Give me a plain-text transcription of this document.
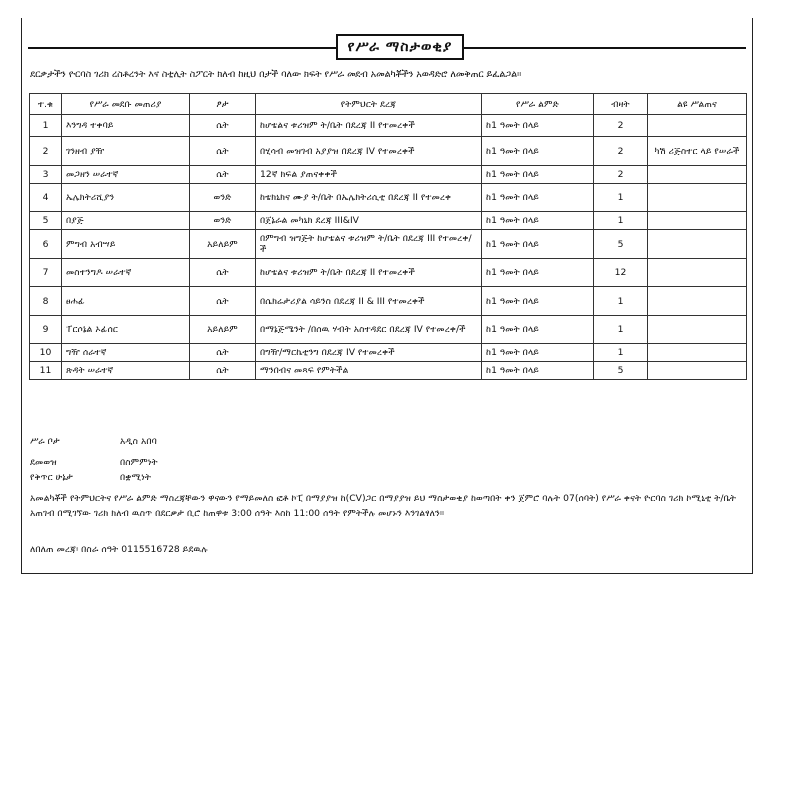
የሥራ ማስታወቂያ
ደርቃታችን ዮርባስ ገሪክ ረስቶረንት እና ስቲሊት ስፖርት ክለብ ከዚህ በታች ባለው ክፍት የሥራ መደብ አመልካቾችን አወዳድሮ ለመቅጠር ይፈልጋል።
ተ.ቁ	የሥራ መደቡ መጠሪያ	ፆታ	የትምህርት ደረጃ	የሥራ ልምድ	ብዛት	ልዩ ሥልጠና
1	እንግዳ ተቀባይ	ሴት	ከሆቴልና ቱሪዝም ት/ቤት በደረጃ II የተመረቀች	ከ1 ዓመት በላይ	2	
2	ገንዘብ ያዥ	ሴት	በሂሳብ መዝገብ አያያዝ በደረጃ IV የተመረቀች	ከ1 ዓመት በላይ	2	ካሽ ሪጅስተር ላይ የሠራች
3	መጋዘን ሠራተኛ	ሴት	12ኛ ክፍል ያጠናቀቀች	ከ1 ዓመት በላይ	2	
4	ኤሌክትሪሺያን	ወንድ	ከቴክኒክና ሙያ ት/ቤት በኤሌክትሪሲቲ በደረጃ II የተመረቀ	ከ1 ዓመት በላይ	1	
5	በያጅ	ወንድ	በጀኔራል መካኒክ ደረጃ III&IV	ከ1 ዓመት በላይ	1	
6	ምግብ አብሣይ	አይለይም	በምግብ ዝግጅት ከሆቴልና ቱሪዝም ት/ቤት በደረጃ III የተመረቀ/ች	ከ1 ዓመት በላይ	5	
7	መስተንግዶ ሠራተኛ	ሴት	ከሆቴልና ቱሪዝም ት/ቤት በደረጃ II የተመረቀች	ከ1 ዓመት በላይ	12	
8	ፀሐፊ	ሴት	በሴክሬታሪያል ሳይንስ በደረጃ II & III የተመረቀች	ከ1 ዓመት በላይ	1	
9	ፐርሶኔል ኦፊሰር	አይለይም	በማኔጅሜንት /በሰዉ ሃብት አስተዳደር በደረጃ IV የተመረቀ/ች	ከ1 ዓመት በላይ	1	
10	ግዥ ሰራተኛ	ሴት	በግዥ/ማርኬቲንግ በደረጃ IV የተመረቀች	ከ1 ዓመት በላይ	1	
11	ጽዳት ሠራተኛ	ሴት	ማንበብና መጻፍ የምትችል	ከ1 ዓመት በላይ	5	
ሥራ ቦታ	አዲስ አበባ
ደመወዝ	በስምምነት
የቅጥር ሁኔታ	በቋሚነት
አመልካቾች የትምህርትና የሥራ ልምድ ማስረጃቸውን ዋናውን የማይመለስ ፎቶ ኮፒ በማያያዝ ከ(CV)ጋር በማያያዝ ይህ ማስታወቂያ ከወጣበት ቀን ጀምሮ ባሉት 07(ሰባት) የሥራ ቀናት ዮርባስ ገሪክ ኮሚኒቲ ት/ቤት አጠገብ በሚገኘው ገሪክ ክለብ ዉስጥ በደርቃታ ቢሮ ከጠዋቱ 3:00 ሰዓት እስከ 11:00 ሰዓት የምትችሉ መሆኑን እንገልፃለን።
ለበለጠ መረጃ፡ በስራ ሰዓት 0115516728 ይደዉሉ
